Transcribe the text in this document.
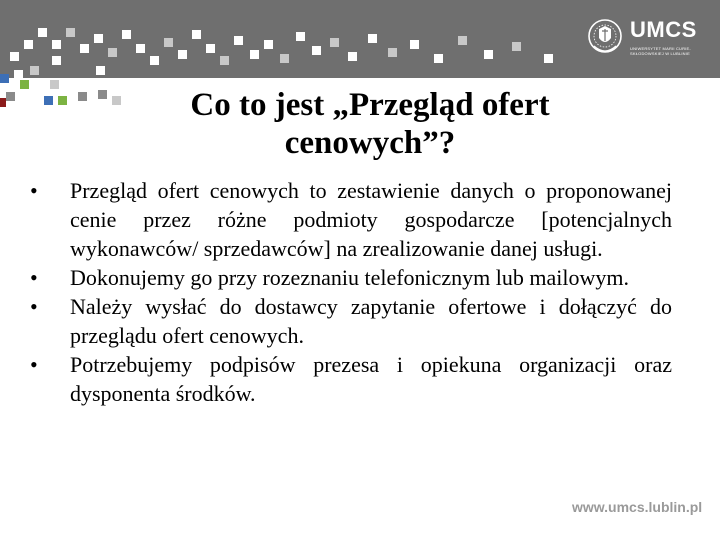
UMCS
UNIWERSYTET MARII CURIE-SKŁODOWSKIEJ W LUBLINIE
Co to jest „Przegląd ofert cenowych”?
• Przegląd ofert cenowych to zestawienie danych o proponowanej cenie przez różne podmioty gospodarcze [potencjalnych wykonawców/ sprzedawców] na zrealizowanie danej usługi.
• Dokonujemy go przy rozeznaniu telefonicznym lub mailowym.
• Należy wysłać do dostawcy zapytanie ofertowe i dołączyć do przeglądu ofert cenowych.
• Potrzebujemy podpisów prezesa i opiekuna organizacji oraz dysponenta środków.
www.umcs.lublin.pl
